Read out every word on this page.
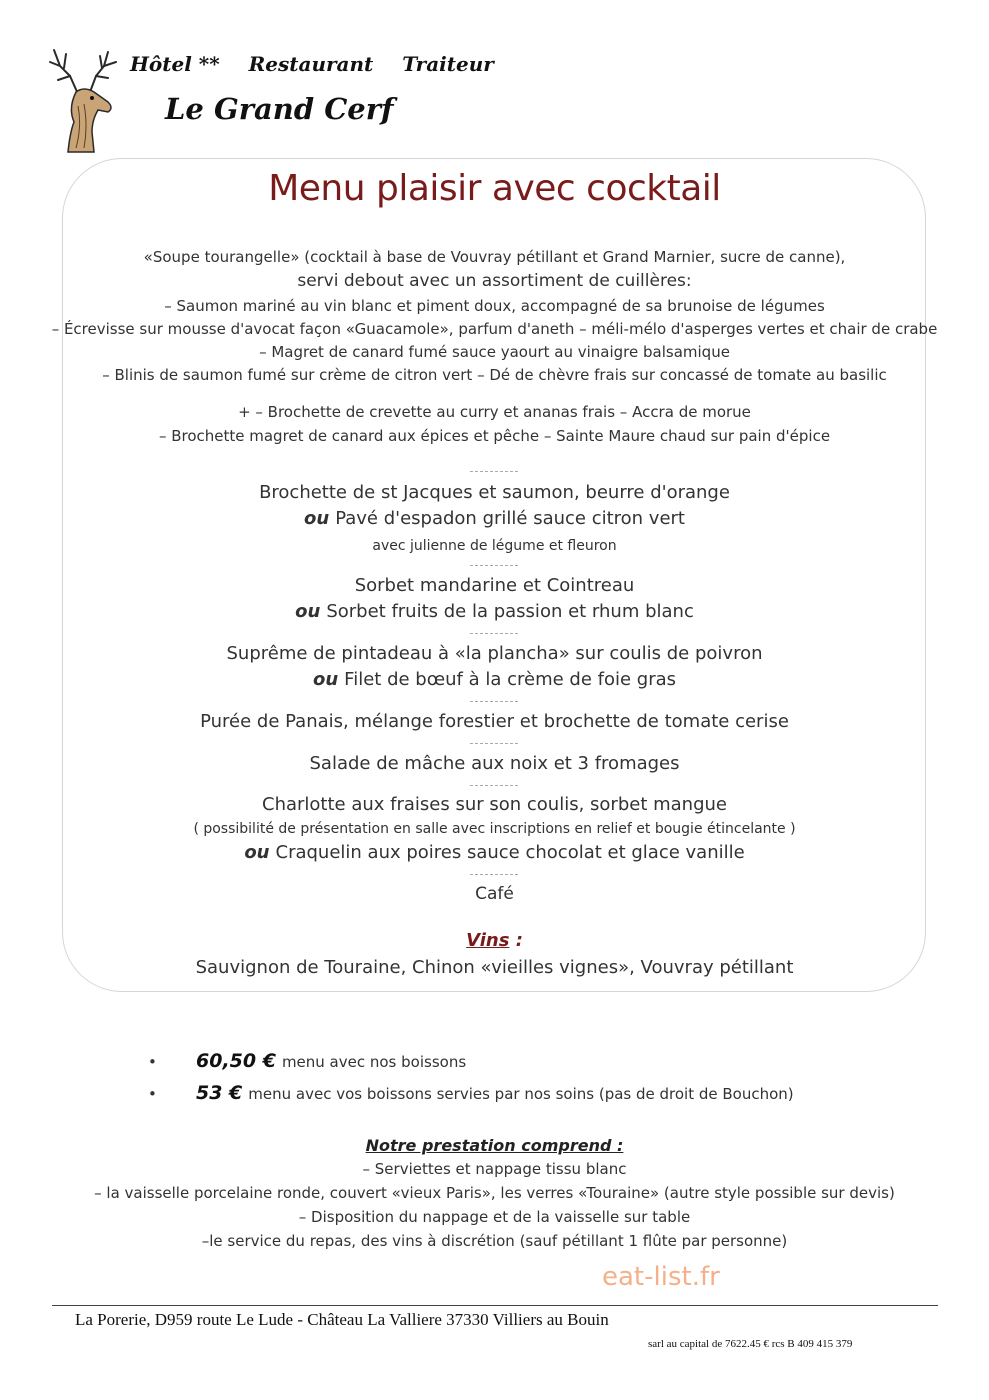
Hôtel ** Restaurant Traiteur
Le Grand Cerf
Menu plaisir avec cocktail
«Soupe tourangelle» (cocktail à base de Vouvray pétillant et Grand Marnier, sucre de canne),
servi debout avec un assortiment de cuillères:
– Saumon mariné au vin blanc et piment doux, accompagné de sa brunoise de légumes
– Écrevisse sur mousse d'avocat façon «Guacamole», parfum d'aneth – méli-mélo d'asperges vertes et chair de crabe
– Magret de canard fumé sauce yaourt au vinaigre balsamique
– Blinis de saumon fumé sur crème de citron vert – Dé de chèvre frais sur concassé de tomate au basilic
+ – Brochette de crevette au curry et ananas frais – Accra de morue
– Brochette magret de canard aux épices et pêche – Sainte Maure chaud sur pain d'épice
Brochette de st Jacques et saumon, beurre d'orange
ou Pavé d'espadon grillé sauce citron vert
avec julienne de légume et fleuron
Sorbet mandarine et Cointreau
ou Sorbet fruits de la passion et rhum blanc
Suprême de pintadeau à «la plancha» sur coulis de poivron
ou Filet de bœuf à la crème de foie gras
Purée de Panais, mélange forestier et brochette de tomate cerise
Salade de mâche aux noix et 3 fromages
Charlotte aux fraises sur son coulis, sorbet mangue
( possibilité de présentation en salle avec inscriptions en relief et bougie étincelante )
ou Craquelin aux poires sauce chocolat et glace vanille
Café
Vins :
Sauvignon de Touraine, Chinon «vieilles vignes», Vouvray pétillant
• 60,50 € menu avec nos boissons
• 53 € menu avec vos boissons servies par nos soins (pas de droit de Bouchon)
Notre prestation comprend :
– Serviettes et nappage tissu blanc
– la vaisselle porcelaine ronde, couvert «vieux Paris», les verres «Touraine» (autre style possible sur devis)
– Disposition du nappage et de la vaisselle sur table
–le service du repas, des vins à discrétion (sauf pétillant 1 flûte par personne)
eat-list.fr
La Porerie, D959 route Le Lude - Château La Valliere 37330 Villiers au Bouin
sarl au capital de 7622.45 € rcs B 409 415 379
